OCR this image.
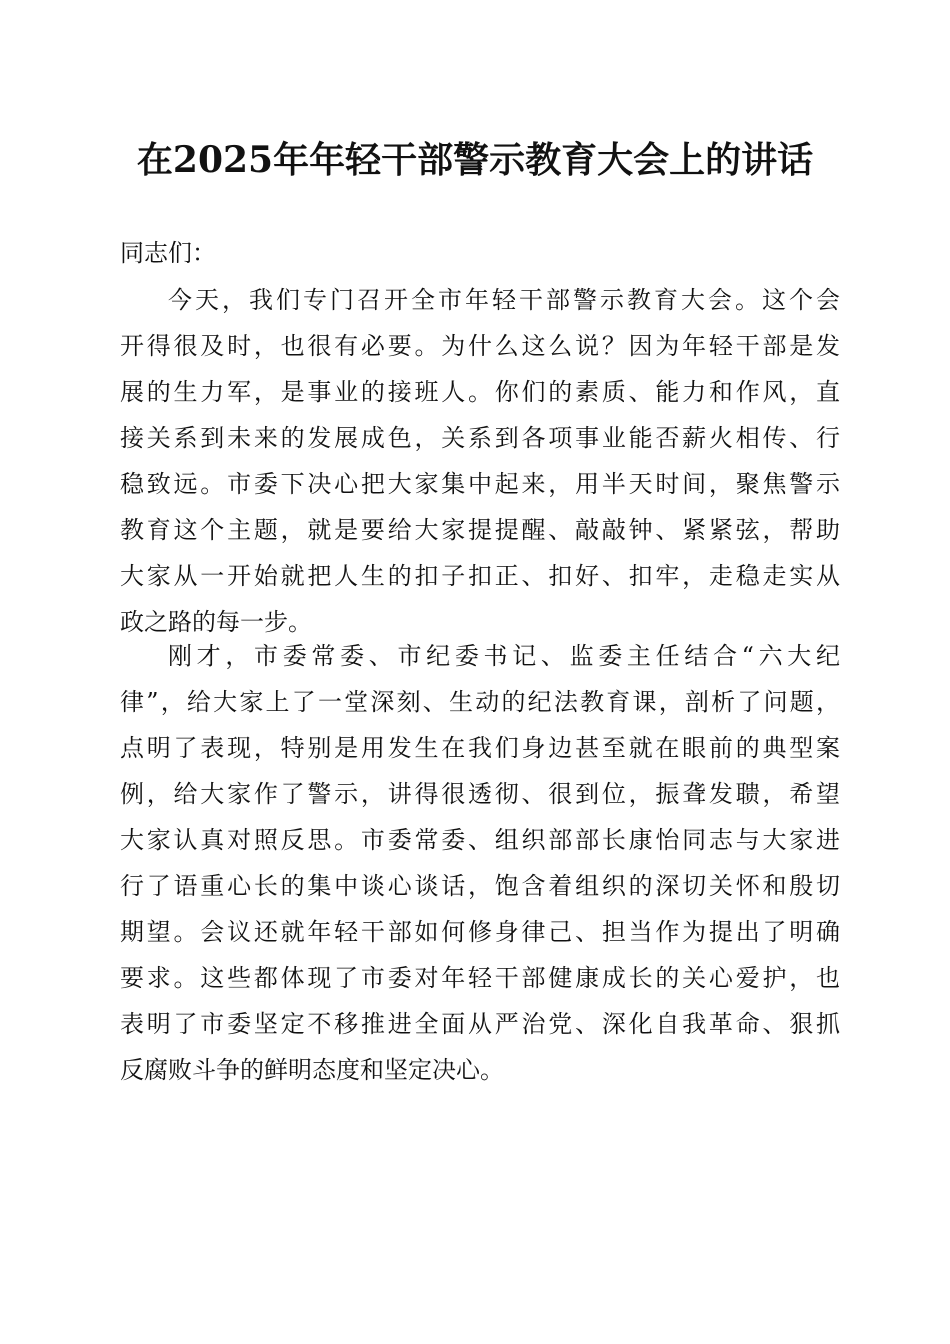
在2025年年轻干部警示教育大会上的讲话
同志们：
今天，我们专门召开全市年轻干部警示教育大会。这个会
开得很及时，也很有必要。为什么这么说？因为年轻干部是发
展的生力军，是事业的接班人。你们的素质、能力和作风，直
接关系到未来的发展成色，关系到各项事业能否薪火相传、行
稳致远。市委下决心把大家集中起来，用半天时间，聚焦警示
教育这个主题，就是要给大家提提醒、敲敲钟、紧紧弦，帮助
大家从一开始就把人生的扣子扣正、扣好、扣牢，走稳走实从
政之路的每一步。
刚才，市委常委、市纪委书记、监委主任结合“六大纪
律”，给大家上了一堂深刻、生动的纪法教育课，剖析了问题，
点明了表现，特别是用发生在我们身边甚至就在眼前的典型案
例，给大家作了警示，讲得很透彻、很到位，振聋发聩，希望
大家认真对照反思。市委常委、组织部部长康怡同志与大家进
行了语重心长的集中谈心谈话，饱含着组织的深切关怀和殷切
期望。会议还就年轻干部如何修身律己、担当作为提出了明确
要求。这些都体现了市委对年轻干部健康成长的关心爱护，也
表明了市委坚定不移推进全面从严治党、深化自我革命、狠抓
反腐败斗争的鲜明态度和坚定决心。
